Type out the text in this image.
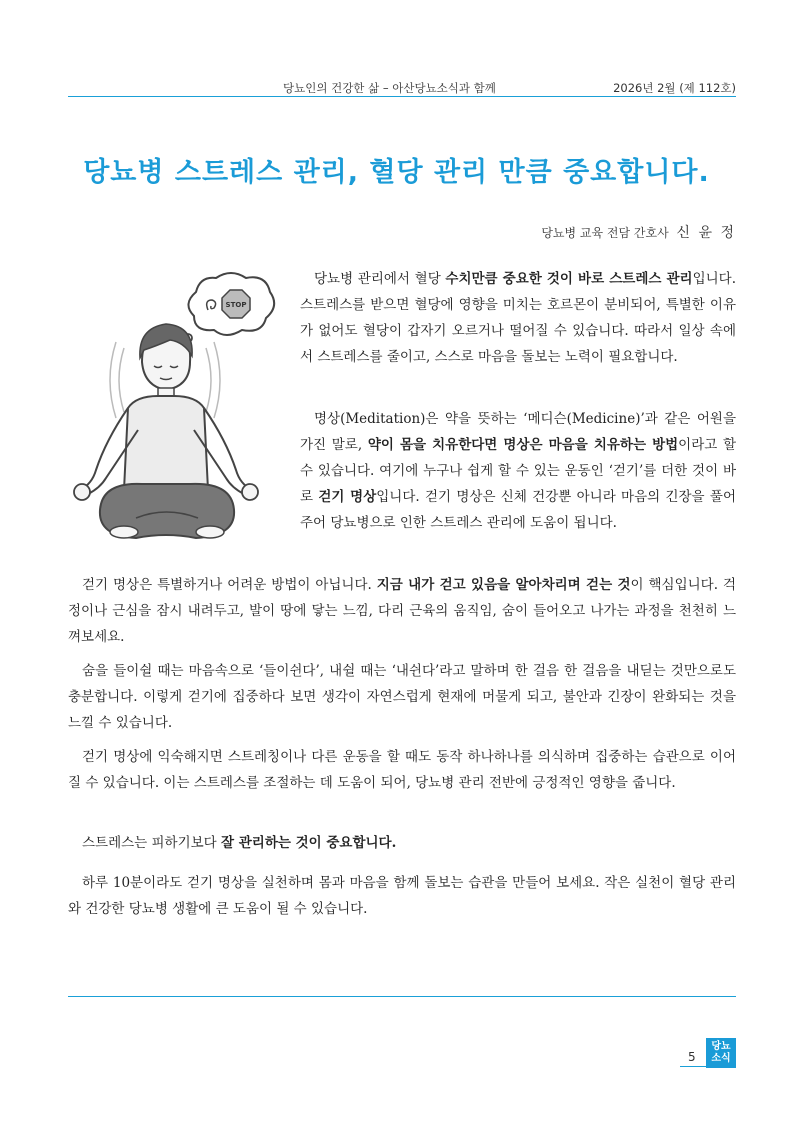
당뇨인의 건강한 삶 – 아산당뇨소식과 함께	2026년 2월 (제 112호)
당뇨병 스트레스 관리, 혈당 관리 만큼 중요합니다.
당뇨병 교육 전담 간호사 신 윤 정
STOP

당뇨병 관리에서 혈당 수치만큼 중요한 것이 바로 스트레스 관리입니다. 스트레스를 받으면 혈당에 영향을 미치는 호르몬이 분비되어, 특별한 이유가 없어도 혈당이 갑자기 오르거나 떨어질 수 있습니다. 따라서 일상 속에서 스트레스를 줄이고, 스스로 마음을 돌보는 노력이 필요합니다.

명상(Meditation)은 약을 뜻하는 ‘메디슨(Medicine)’과 같은 어원을 가진 말로, 약이 몸을 치유한다면 명상은 마음을 치유하는 방법이라고 할 수 있습니다. 여기에 누구나 쉽게 할 수 있는 운동인 ‘걷기’를 더한 것이 바로 걷기 명상입니다. 걷기 명상은 신체 건강뿐 아니라 마음의 긴장을 풀어주어 당뇨병으로 인한 스트레스 관리에 도움이 됩니다.

걷기 명상은 특별하거나 어려운 방법이 아닙니다. 지금 내가 걷고 있음을 알아차리며 걷는 것이 핵심입니다. 걱정이나 근심을 잠시 내려두고, 발이 땅에 닿는 느낌, 다리 근육의 움직임, 숨이 들어오고 나가는 과정을 천천히 느껴보세요.

숨을 들이쉴 때는 마음속으로 ‘들이쉰다’, 내쉴 때는 ‘내쉰다’라고 말하며 한 걸음 한 걸음을 내딛는 것만으로도 충분합니다. 이렇게 걷기에 집중하다 보면 생각이 자연스럽게 현재에 머물게 되고, 불안과 긴장이 완화되는 것을 느낄 수 있습니다.

걷기 명상에 익숙해지면 스트레칭이나 다른 운동을 할 때도 동작 하나하나를 의식하며 집중하는 습관으로 이어질 수 있습니다. 이는 스트레스를 조절하는 데 도움이 되어, 당뇨병 관리 전반에 긍정적인 영향을 줍니다.

스트레스는 피하기보다 잘 관리하는 것이 중요합니다.

하루 10분이라도 걷기 명상을 실천하며 몸과 마음을 함께 돌보는 습관을 만들어 보세요. 작은 실천이 혈당 관리와 건강한 당뇨병 생활에 큰 도움이 될 수 있습니다.

5
당뇨
소식
